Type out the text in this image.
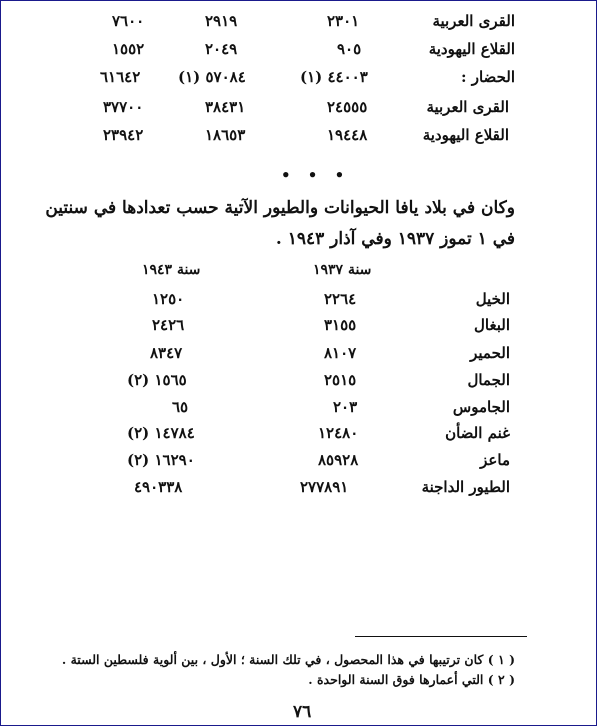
القرى العربية
٢٣٠١
٢٩١٩
٧٦٠٠
القلاع اليهودية
٩٠٥
٢٠٤٩
١٥٥٢
الحضار :
٤٤٠٠٣ (١)
٥٧٠٨٤ (١)
٦١٦٤٢
القرى العربية
٢٤٥٥٥
٣٨٤٣١
٣٧٧٠٠
القلاع اليهودية
١٩٤٤٨
١٨٦٥٣
٢٣٩٤٢
• • •
وكان في بلاد يافا الحيوانات والطيور الآتية حسب تعدادها في سنتين
في ١ تموز ١٩٣٧ وفي آذار ١٩٤٣ .
سنة ١٩٣٧
سنة ١٩٤٣
الخيل
٢٢٦٤
١٢٥٠
البغال
٣١٥٥
٢٤٢٦
الحمير
٨١٠٧
٨٣٤٧
الجمال
٢٥١٥
١٥٦٥ (٢)
الجاموس
٢٠٣
٦٥
غنم الضأن
١٢٤٨٠
١٤٧٨٤ (٢)
ماعز
٨٥٩٢٨
١٦٢٩٠ (٢)
الطيور الداجنة
٢٧٧٨٩١
٤٩٠٣٣٨
( ١ ) كان ترتيبها في هذا المحصول ، في تلك السنة ؛ الأول ، بين ألوية فلسطين الستة .
( ٢ ) التي أعمارها فوق السنة الواحدة .
٧٦
